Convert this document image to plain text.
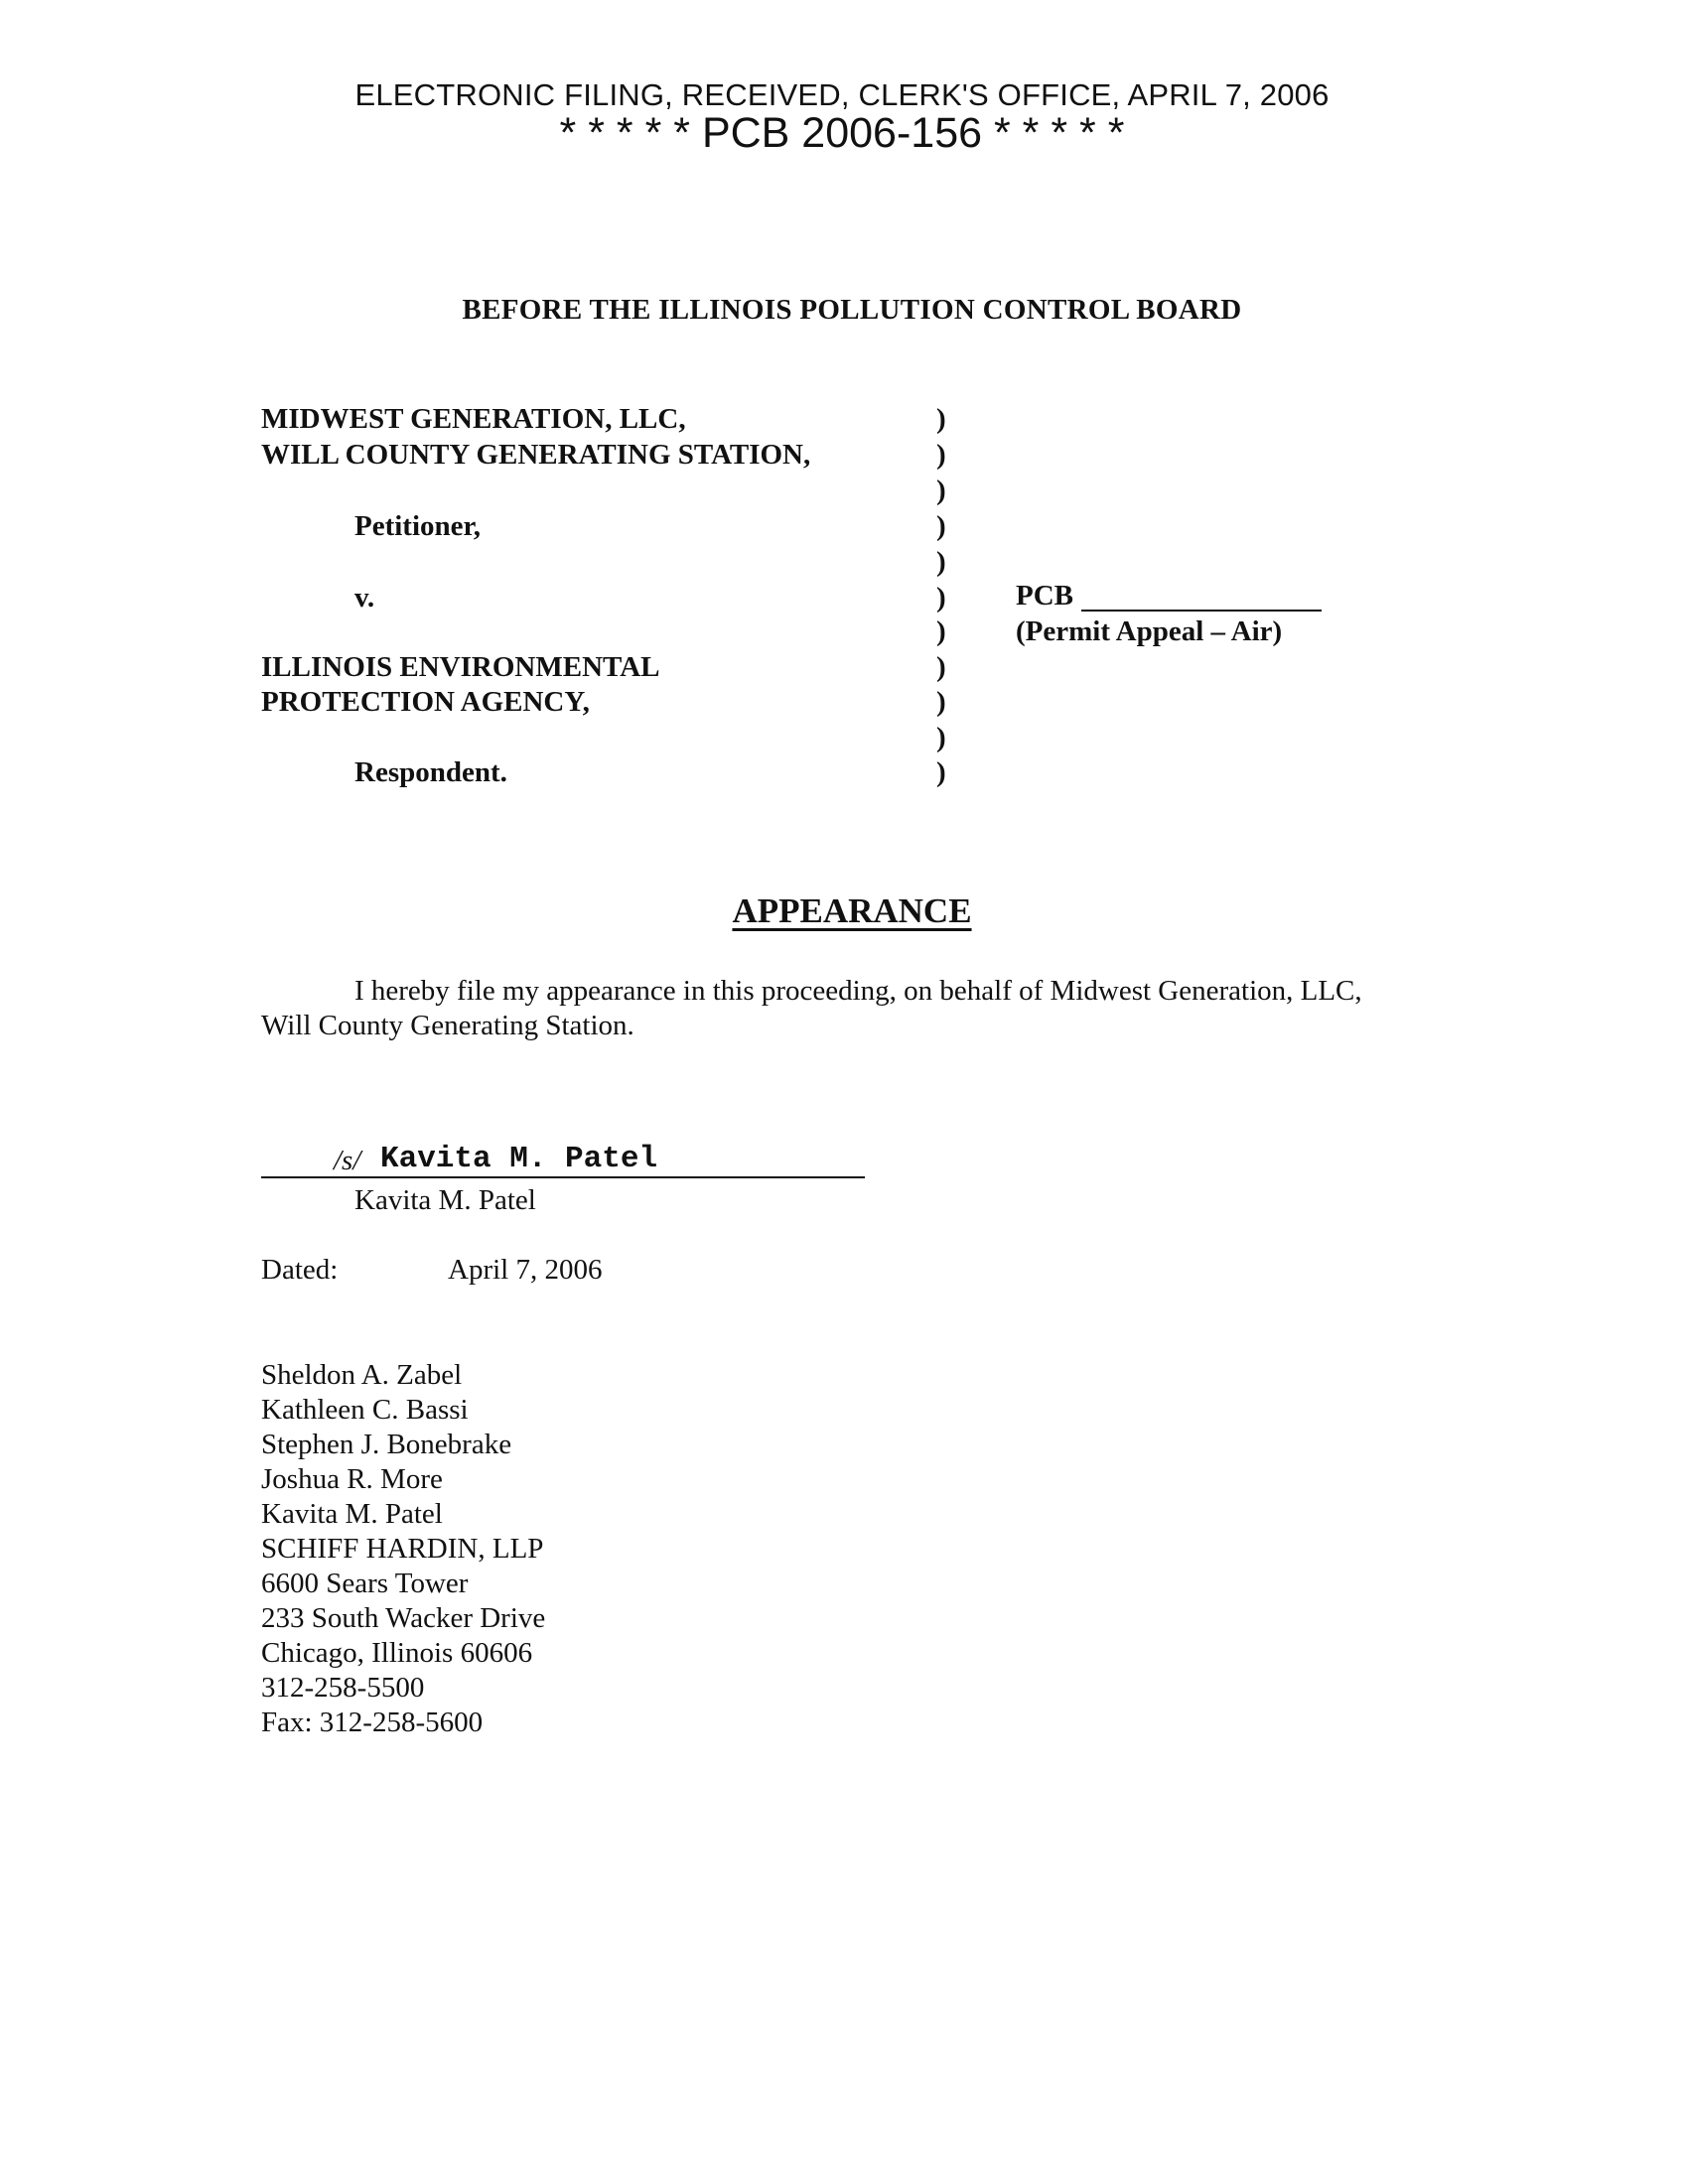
ELECTRONIC FILING, RECEIVED, CLERK'S OFFICE, APRIL 7, 2006
* * * * * PCB 2006-156 * * * * *
BEFORE THE ILLINOIS POLLUTION CONTROL BOARD
MIDWEST GENERATION, LLC,
WILL COUNTY GENERATING STATION,
Petitioner,
v.
ILLINOIS ENVIRONMENTAL
PROTECTION AGENCY,
Respondent.
)
)
)
)
)
)
)
)
)
)
)
PCB
(Permit Appeal – Air)
APPEARANCE
I hereby file my appearance in this proceeding, on behalf of Midwest Generation, LLC,
Will County Generating Station.
/s/ Kavita M. Patel
Kavita M. Patel
Dated:	April 7, 2006
Sheldon A. Zabel
Kathleen C. Bassi
Stephen J. Bonebrake
Joshua R. More
Kavita M. Patel
SCHIFF HARDIN, LLP
6600 Sears Tower
233 South Wacker Drive
Chicago, Illinois 60606
312-258-5500
Fax: 312-258-5600
